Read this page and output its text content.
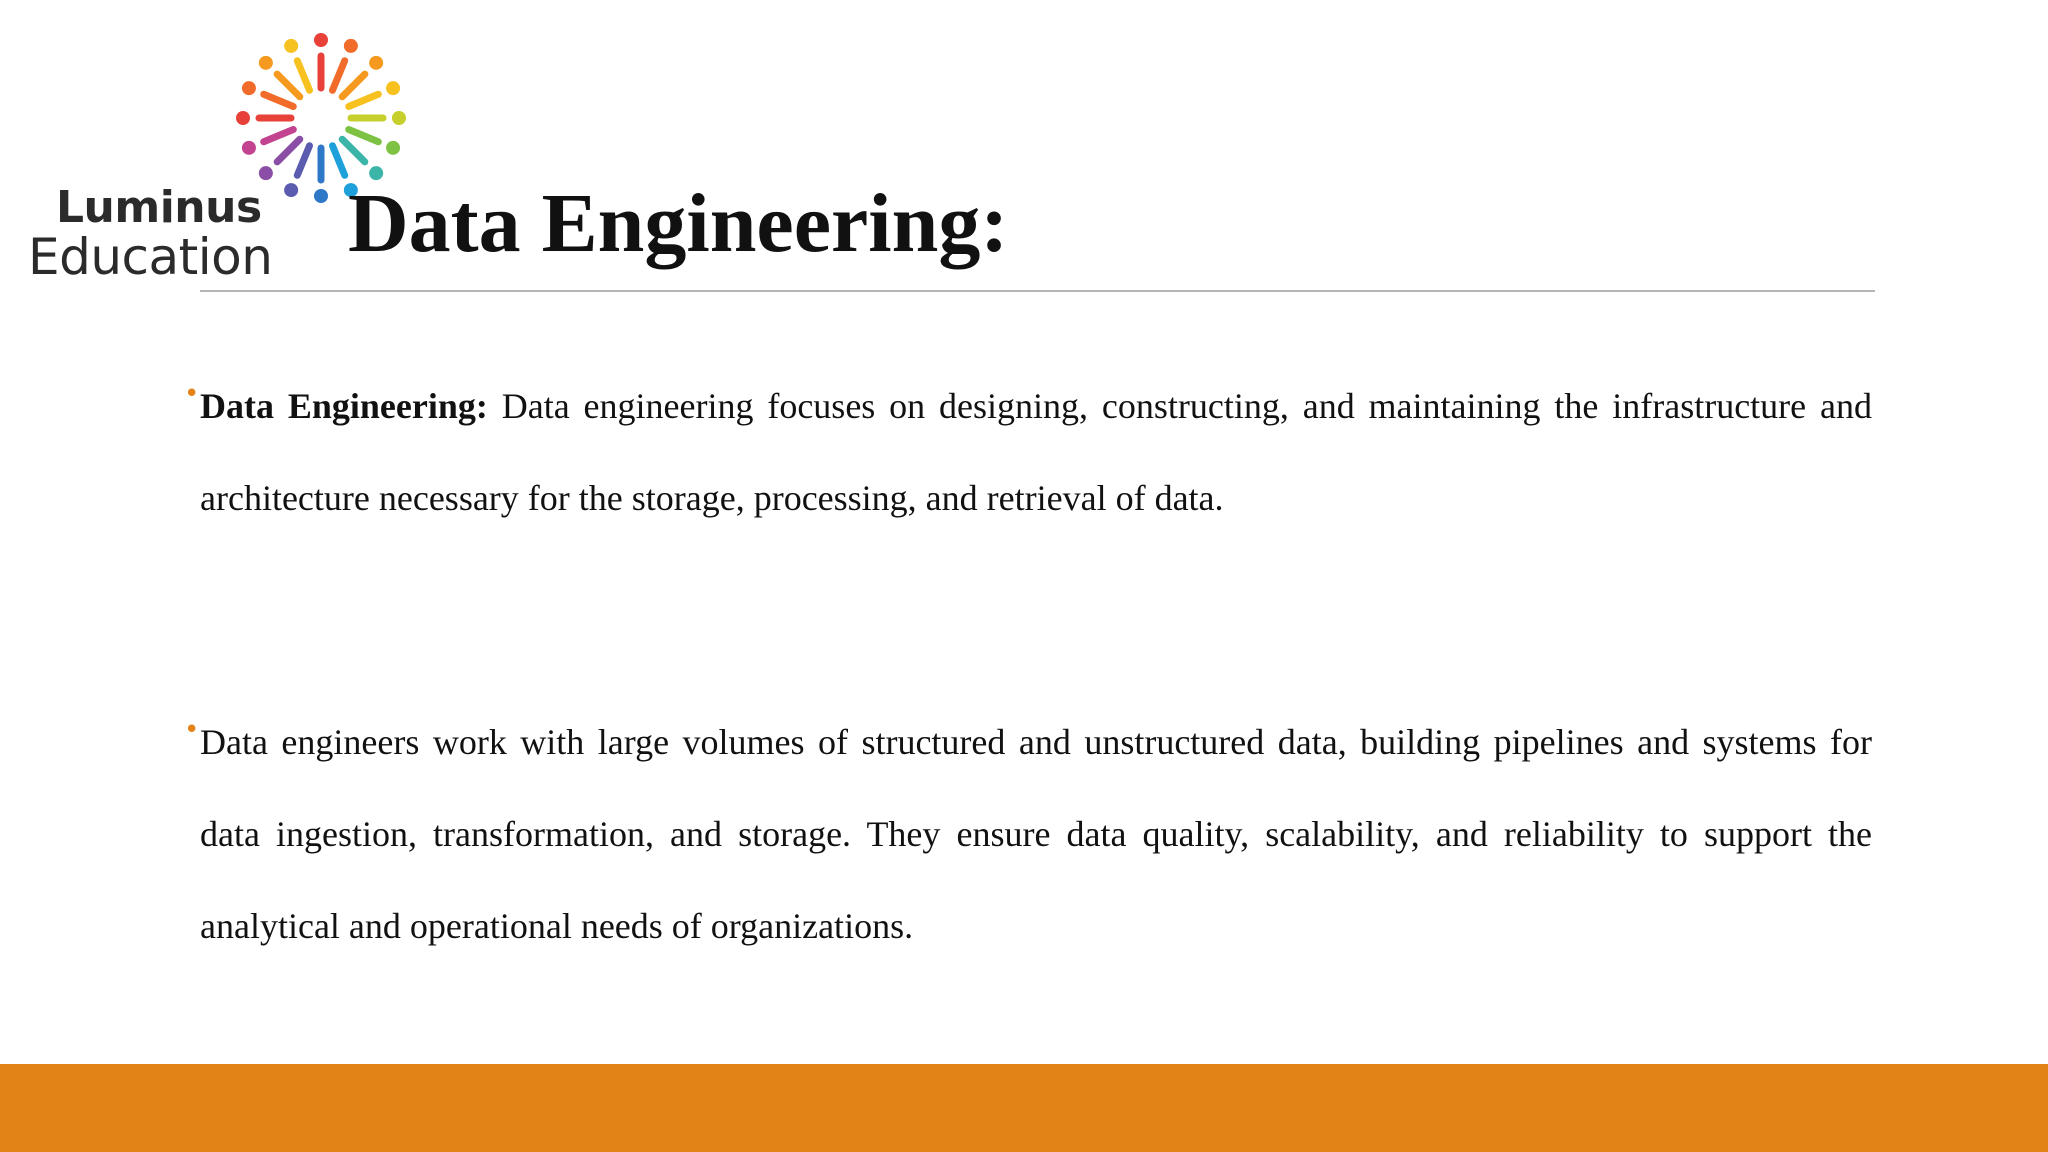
Luminus
Education Data Engineering:
• Data Engineering: Data engineering focuses on designing, constructing, and maintaining the infrastructure and architecture necessary for the storage, processing, and retrieval of data.
• Data engineers work with large volumes of structured and unstructured data, building pipelines and systems for data ingestion, transformation, and storage. They ensure data quality, scalability, and reliability to support the analytical and operational needs of organizations.
